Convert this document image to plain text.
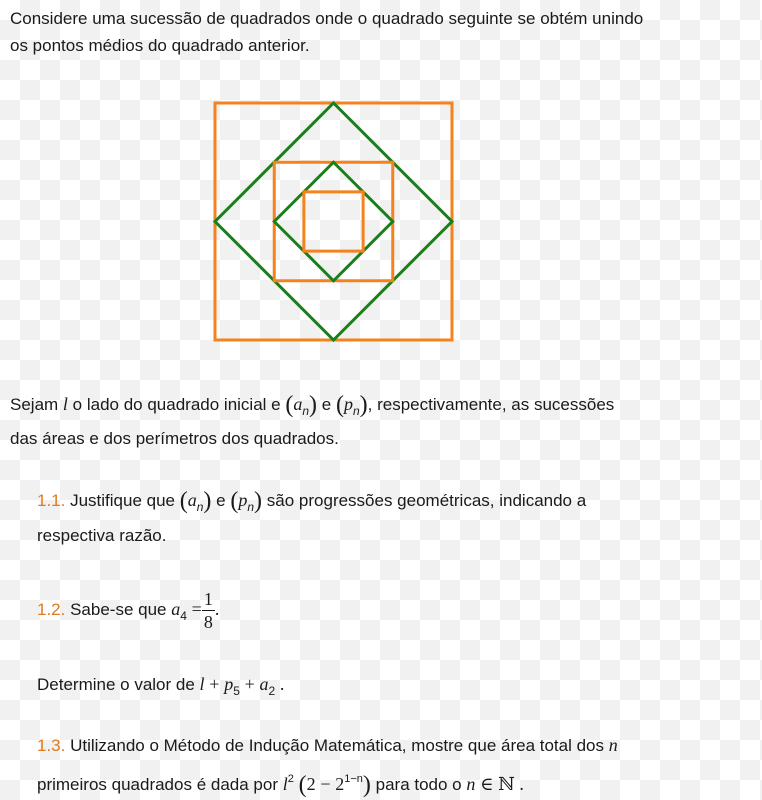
Considere uma sucessão de quadrados onde o quadrado seguinte se obtém unindo
os pontos médios do quadrado anterior.
Sejam l o lado do quadrado inicial e $(a_n)$ e $(p_n)$, respectivamente, as sucessões
das áreas e dos perímetros dos quadrados.
1.1. Justifique que $(a_n)$ e $(p_n)$ são progressões geométricas, indicando a
respectiva razão.
1.2. Sabe-se que $a_4 = \frac{1}{8}$ .
Determine o valor de $l + p_5 + a_2$ .
1.3. Utilizando o Método de Indução Matemática, mostre que área total dos n
primeiros quadrados é dada por $l^2$ $(2 - 2^{1-n})$ para todo o n ∈ ℕ .
